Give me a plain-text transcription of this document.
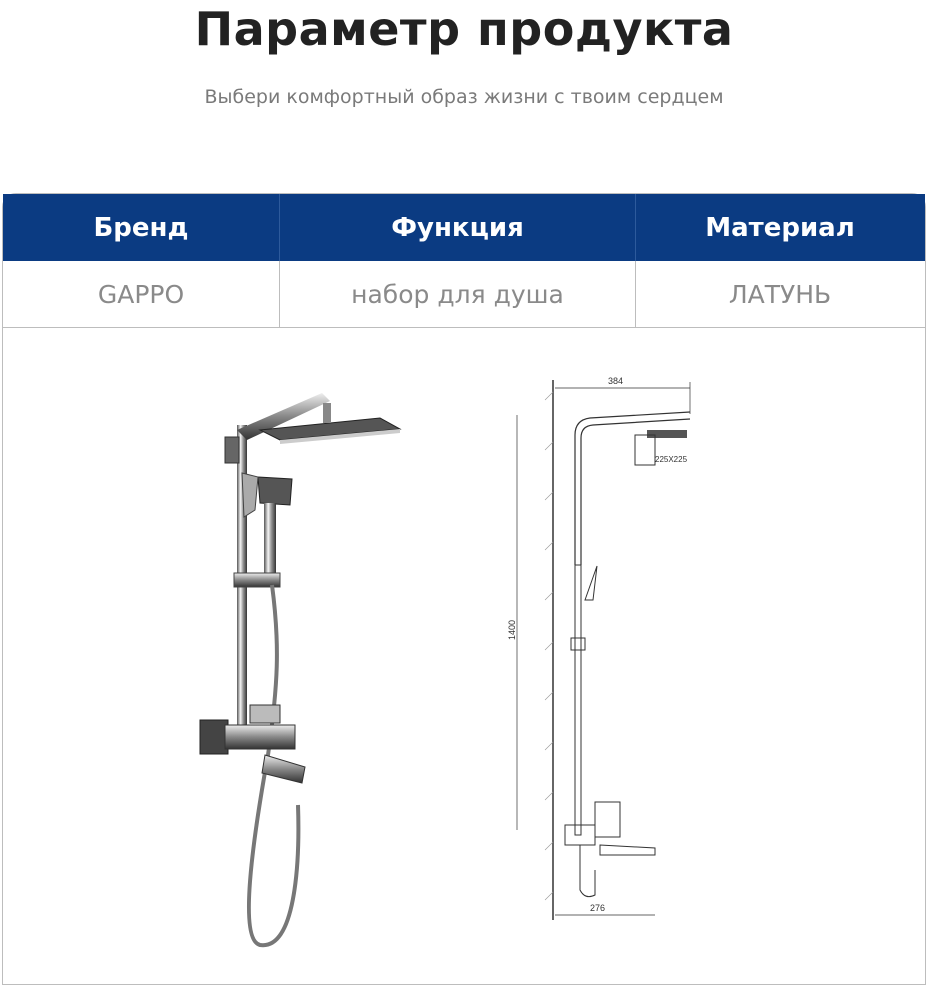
Параметр продукта
Выбери комфортный образ жизни с твоим сердцем
Бренд	Функция	Материал
GAPPO	набор для душа	ЛАТУНЬ
384
225X225
1400
276
